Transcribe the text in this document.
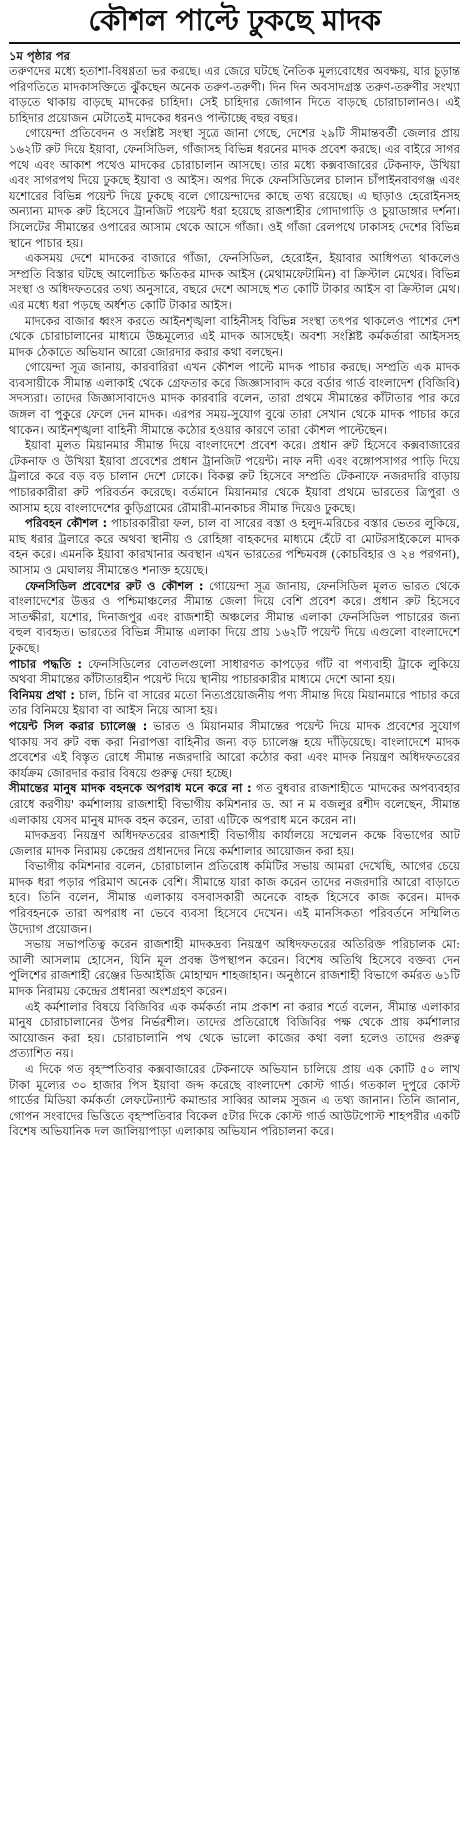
কৌশল পাল্টে ঢুকছে মাদক
১ম পৃষ্ঠার পর

তরুণদের মধ্যে হতাশা-বিষণ্ণতা ভর করছে। এর জেরে ঘটছে নৈতিক মূল্যবোধের অবক্ষয়, যার চূড়ান্ত পরিণতিতে মাদকাসক্তিতে ঝুঁকছেন অনেক তরুণ-তরুণী। দিন দিন অবসাদগ্রস্ত তরুণ-তরুণীর সংখ্যা বাড়তে থাকায় বাড়ছে মাদকের চাহিদা। সেই চাহিদার জোগান দিতে বাড়ছে চোরাচালানও। এই চাহিদার প্রয়োজন মেটাতেই মাদকের ধরনও পাল্টাচ্ছে বছর বছর।

গোয়েন্দা প্রতিবেদন ও সংশ্লিষ্ট সংস্থা সূত্রে জানা গেছে, দেশের ২৯টি সীমান্তবর্তী জেলার প্রায় ১৬২টি রুট দিয়ে ইয়াবা, ফেনসিডিল, গাঁজাসহ বিভিন্ন ধরনের মাদক প্রবেশ করছে। এর বাইরে সাগর পথে এবং আকাশ পথেও মাদকের চোরাচালান আসছে। তার মধ্যে কক্সবাজারের টেকনাফ, উখিয়া এবং সাগরপথ দিয়ে ঢুকছে ইয়াবা ও আইস। অপর দিকে ফেনসিডিলের চালান চাঁপাইনবাবগঞ্জ এবং যশোরের বিভিন্ন পয়েন্ট দিয়ে ঢুকছে বলে গোয়েন্দাদের কাছে তথ্য রয়েছে। এ ছাড়াও হেরোইনসহ অন্যান্য মাদক রুট হিসেবে ট্রানজিট পয়েন্ট ধরা হয়েছে রাজশাহীর গোদাগাড়ি ও চুয়াডাঙ্গার দর্শনা। সিলেটের সীমান্তের ওপারের আসাম থেকে আসে গাঁজা। ওই গাঁজা রেলপথে ঢাকাসহ দেশের বিভিন্ন স্থানে পাচার হয়।

একসময় দেশে মাদকের বাজারে গাঁজা, ফেনসিডিল, হেরোইন, ইয়াবার আধিপত্য থাকলেও সম্প্রতি বিস্তার ঘটছে আলোচিত ক্ষতিকর মাদক আইস (মেথামফেটামিন) বা ক্রিস্টাল মেথের। বিভিন্ন সংস্থা ও অধিদফতরের তথ্য অনুসারে, বছরে দেশে আসছে শত কোটি টাকার আইস বা ক্রিস্টাল মেথ। এর মধ্যে ধরা পড়ছে অর্ধশত কোটি টাকার আইস।

মাদকের বাজার ধ্বংস করতে আইনশৃঙ্খলা বাহিনীসহ বিভিন্ন সংস্থা তৎপর থাকলেও পাশের দেশ থেকে চোরাচালানের মাধ্যমে উচ্চমূল্যের এই মাদক আসছেই। অবশ্য সংশ্লিষ্ট কর্মকর্তারা আইসসহ মাদক ঠেকাতে অভিযান আরো জোরদার করার কথা বলছেন।

গোয়েন্দা সূত্র জানায়, কারবারিরা এখন কৌশল পাল্টে মাদক পাচার করছে। সম্প্রতি এক মাদক ব্যবসায়ীকে সীমান্ত এলাকাই থেকে গ্রেফতার করে জিজ্ঞাসাবাদ করে বর্ডার গার্ড বাংলাদেশ (বিজিবি) সদস্যরা। তাদের জিজ্ঞাসাবাদেও মাদক কারবারি বলেন, তারা প্রথমে সীমান্তের কাঁটাতার পার করে জঙ্গল বা পুকুরে ফেলে দেন মাদক। এরপর সময়-সুযোগ বুঝে তারা সেখান থেকে মাদক পাচার করে থাকেন। আইনশৃঙ্খলা বাহিনী সীমান্তে কঠোর হওয়ার কারণে তারা কৌশল পাল্টেছেন।

ইয়াবা মূলত মিয়ানমার সীমান্ত দিয়ে বাংলাদেশে প্রবেশ করে। প্রধান রুট হিসেবে কক্সবাজারের টেকনাফ ও উখিয়া ইয়াবা প্রবেশের প্রধান ট্রানজিট পয়েন্ট। নাফ নদী এবং বঙ্গোপসাগর পাড়ি দিয়ে ট্রলারে করে বড় বড় চালান দেশে ঢোকে। বিকল্প রুট হিসেবে সম্প্রতি টেকনাফে নজরদারি বাড়ায় পাচারকারীরা রুট পরিবর্তন করেছে। বর্তমানে মিয়ানমার থেকে ইয়াবা প্রথমে ভারতের ত্রিপুরা ও আসাম হয়ে বাংলাদেশের কুড়িগ্রামের রৌমারী-মানকাচর সীমান্ত দিয়েও ঢুকছে।

পরিবহন কৌশল : পাচারকারীরা ফল, চাল বা সারের বস্তা ও হলুদ-মরিচের বস্তার ভেতর লুকিয়ে, মাছ ধরার ট্রলারে করে অথবা স্থানীয় ও রোহিঙ্গা বাহকদের মাধ্যমে হেঁটে বা মোটরসাইকেলে মাদক বহন করে। এমনকি ইয়াবা কারখানার অবস্থান এখন ভারতের পশ্চিমবঙ্গ (কোচবিহার ও ২৪ পরগনা), আসাম ও মেঘালয় সীমান্তেও শনাক্ত হয়েছে।

ফেনসিডিল প্রবেশের রুট ও কৌশল : গোয়েন্দা সূত্র জানায়, ফেনসিডিল মূলত ভারত থেকে বাংলাদেশের উত্তর ও পশ্চিমাঞ্চলের সীমান্ত জেলা দিয়ে বেশি প্রবেশ করে। প্রধান রুট হিসেবে সাতক্ষীরা, যশোর, দিনাজপুর এবং রাজশাহী অঞ্চলের সীমান্ত এলাকা ফেনসিডিল পাচারের জন্য বহুল ব্যবহৃত। ভারতের বিভিন্ন সীমান্ত এলাকা দিয়ে প্রায় ১৬২টি পয়েন্ট দিয়ে এগুলো বাংলাদেশে ঢুকছে।

পাচার পদ্ধতি : ফেনসিডিলের বোতলগুলো সাধারণত কাপড়ের গাঁট বা পণ্যবাহী ট্রাকে লুকিয়ে অথবা সীমান্তের কাঁটাতারহীন পয়েন্ট দিয়ে স্থানীয় পাচারকারীর মাধ্যমে দেশে আনা হয়।

বিনিময় প্রথা : চাল, চিনি বা সারের মতো নিত্যপ্রয়োজনীয় পণ্য সীমান্ত দিয়ে মিয়ানমারে পাচার করে তার বিনিময়ে ইয়াবা বা আইস নিয়ে আসা হয়।

পয়েন্ট সিল করার চ্যালেঞ্জ : ভারত ও মিয়ানমার সীমান্তের পয়েন্ট দিয়ে মাদক প্রবেশের সুযোগ থাকায় সব রুট বন্ধ করা নিরাপত্তা বাহিনীর জন্য বড় চ্যালেঞ্জ হয়ে দাঁড়িয়েছে। বাংলাদেশে মাদক প্রবেশের এই বিস্তৃত রোধে সীমান্ত নজরদারি আরো কঠোর করা এবং মাদক নিয়ন্ত্রণ অধিদফতরের কার্যক্রম জোরদার করার বিষয়ে গুরুত্ব দেয়া হচ্ছে।

সীমান্তের মানুষ মাদক বহনকে অপরাধ মনে করে না : গত বুধবার রাজশাহীতে 'মাদকের অপব্যবহার রোধে করণীয়' কর্মশালায় রাজশাহী বিভাগীয় কমিশনার ড. আ ন ম বজলুর রশীদ বলেছেন, সীমান্ত এলাকায় যেসব মানুষ মাদক বহন করেন, তারা এটিকে অপরাধ মনে করেন না।

মাদকদ্রব্য নিয়ন্ত্রণ অধিদফতরের রাজশাহী বিভাগীয় কার্যালয়ে সম্মেলন কক্ষে বিভাগের আট জেলার মাদক নিরাময় কেন্দ্রের প্রধানদের নিয়ে কর্মশালার আয়োজন করা হয়।

বিভাগীয় কমিশনার বলেন, চোরাচালান প্রতিরোধ কমিটির সভায় আমরা দেখেছি, আগের চেয়ে মাদক ধরা পড়ার পরিমাণ অনেক বেশি। সীমান্তে যারা কাজ করেন তাদের নজরদারি আরো বাড়াতে হবে। তিনি বলেন, সীমান্ত এলাকায় বসবাসকারী অনেকে বাহক হিসেবে কাজ করেন। মাদক পরিবহনকে তারা অপরাধ না ভেবে ব্যবসা হিসেবে দেখেন। এই মানসিকতা পরিবর্তনে সম্মিলিত উদ্যোগ প্রয়োজন।

সভায় সভাপতিত্ব করেন রাজশাহী মাদকদ্রব্য নিয়ন্ত্রণ অধিদফতরের অতিরিক্ত পরিচালক মো: আলী আসলাম হোসেন, যিনি মূল প্রবন্ধ উপস্থাপন করেন। বিশেষ অতিথি হিসেবে বক্তব্য দেন পুলিশের রাজশাহী রেঞ্জের ডিআইজি মোহাম্মদ শাহজাহান। অনুষ্ঠানে রাজশাহী বিভাগে কর্মরত ৬১টি মাদক নিরাময় কেন্দ্রের প্রধানরা অংশগ্রহণ করেন।

এই কর্মশালার বিষয়ে বিজিবির এক কর্মকর্তা নাম প্রকাশ না করার শর্তে বলেন, সীমান্ত এলাকার মানুষ চোরাচালানের উপর নির্ভরশীল। তাদের প্রতিরোধে বিজিবির পক্ষ থেকে প্রায় কর্মশালার আয়োজন করা হয়। চোরাচালানি পথ থেকে ভালো কাজের কথা বলা হলেও তাদের গুরুত্ব প্রত্যাশিত নয়।

এ দিকে গত বৃহস্পতিবার কক্সবাজারের টেকনাফে অভিযান চালিয়ে প্রায় এক কোটি ৫০ লাখ টাকা মূল্যের ৩০ হাজার পিস ইয়াবা জব্দ করেছে বাংলাদেশ কোস্ট গার্ড। গতকাল দুপুরে কোস্ট গার্ডের মিডিয়া কর্মকর্তা লেফটেন্যান্ট কমান্ডার সাব্বির আলম সুজন এ তথ্য জানান। তিনি জানান, গোপন সংবাদের ভিত্তিতে বৃহস্পতিবার বিকেল ৫টার দিকে কোস্ট গার্ড আউটপোস্ট শাহপরীর একটি বিশেষ অভিযানিক দল জালিয়াপাড়া এলাকায় অভিযান পরিচালনা করে।
